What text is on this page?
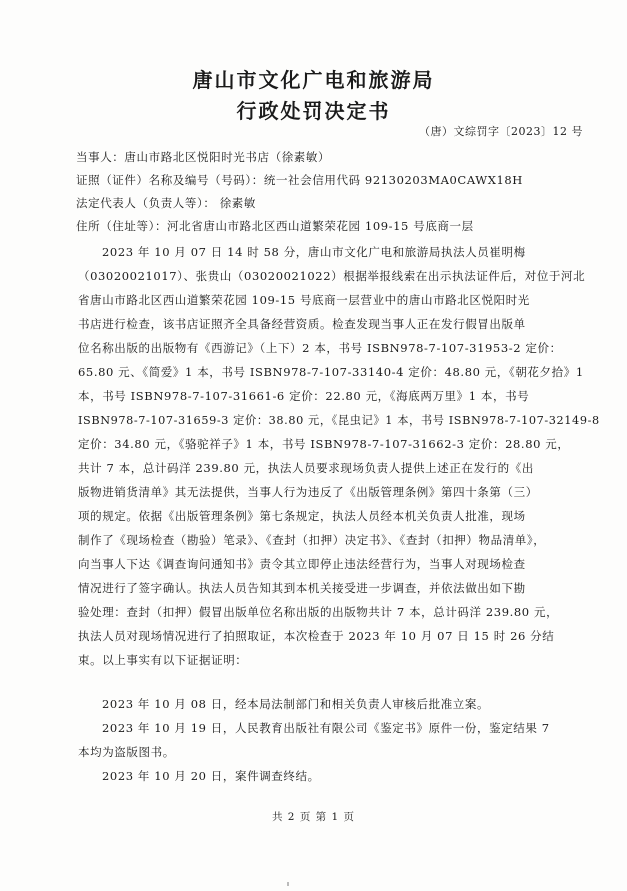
唐山市文化广电和旅游局
行政处罚决定书
（唐）文综罚字〔2023〕12 号
当事人：唐山市路北区悦阳时光书店（徐素敏）
证照（证件）名称及编号（号码）：统一社会信用代码 92130203MA0CAWX18H
法定代表人（负责人等）： 徐素敏
住所（住址等）：河北省唐山市路北区西山道繁荣花园 109-15 号底商一层
2023 年 10 月 07 日 14 时 58 分，唐山市文化广电和旅游局执法人员崔明梅
（03020021017）、张贵山（03020021022）根据举报线索在出示执法证件后，对位于河北
省唐山市路北区西山道繁荣花园 109-15 号底商一层营业中的唐山市路北区悦阳时光
书店进行检查，该书店证照齐全具备经营资质。检查发现当事人正在发行假冒出版单
位名称出版的出版物有《西游记》（上下）2 本，书号 ISBN978-7-107-31953-2 定价：
65.80 元、《简爱》1 本，书号 ISBN978-7-107-33140-4 定价：48.80 元，《朝花夕拾》1
本，书号 ISBN978-7-107-31661-6 定价：22.80 元，《海底两万里》1 本，书号
ISBN978-7-107-31659-3 定价：38.80 元，《昆虫记》1 本，书号 ISBN978-7-107-32149-8
定价：34.80 元，《骆驼祥子》1 本，书号 ISBN978-7-107-31662-3 定价：28.80 元，
共计 7 本，总计码洋 239.80 元，执法人员要求现场负责人提供上述正在发行的《出
版物进销货清单》其无法提供，当事人行为违反了《出版管理条例》第四十条第（三）
项的规定。依据《出版管理条例》第七条规定，执法人员经本机关负责人批准，现场
制作了《现场检查（勘验）笔录》、《查封（扣押）决定书》、《查封（扣押）物品清单》，
向当事人下达《调查询问通知书》责令其立即停止违法经营行为，当事人对现场检查
情况进行了签字确认。执法人员告知其到本机关接受进一步调查，并依法做出如下勘
验处理：查封（扣押）假冒出版单位名称出版的出版物共计 7 本，总计码洋 239.80 元，
执法人员对现场情况进行了拍照取证，本次检查于 2023 年 10 月 07 日 15 时 26 分结
束。以上事实有以下证据证明：
2023 年 10 月 08 日，经本局法制部门和相关负责人审核后批准立案。
2023 年 10 月 19 日，人民教育出版社有限公司《鉴定书》原件一份，鉴定结果 7
本均为盗版图书。
2023 年 10 月 20 日，案件调查终结。
共 2 页 第 1 页
